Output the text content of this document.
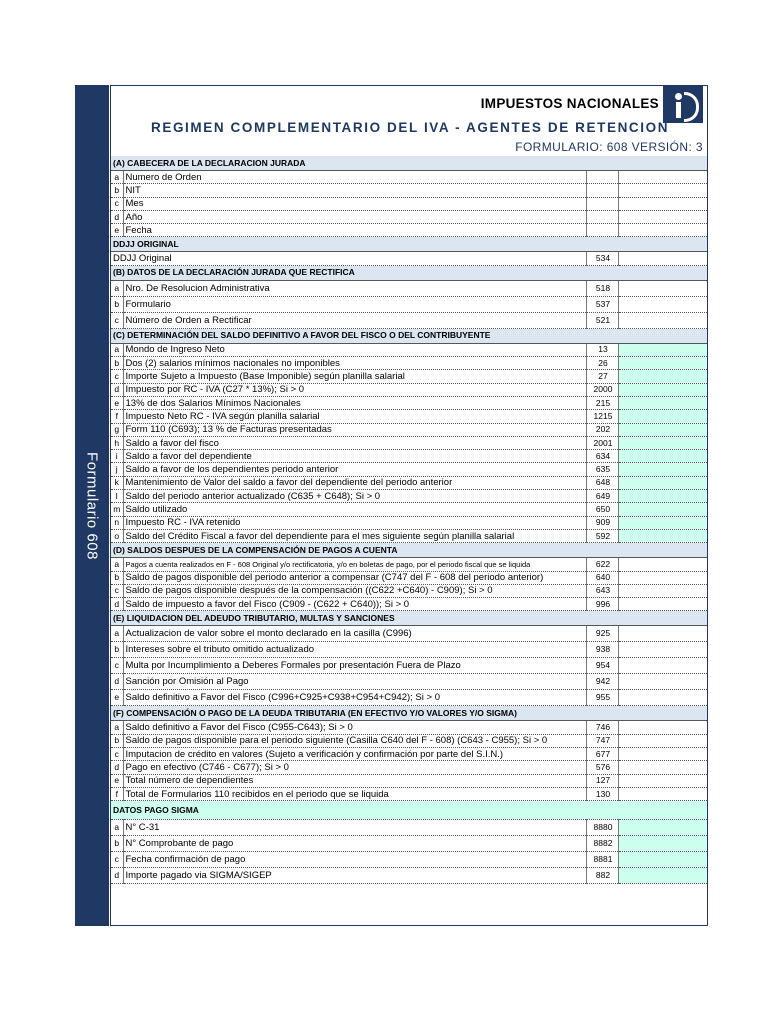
Formulario 608
IMPUESTOS NACIONALES
REGIMEN COMPLEMENTARIO DEL IVA - AGENTES DE RETENCION
FORMULARIO: 608 VERSIÓN: 3
(A) CABECERA DE LA DECLARACION JURADA			
a	Numero de Orden		
b	NIT		
c	Mes		
d	Año		
e	Fecha		
DDJJ ORIGINAL			
DDJJ Original		534	
(B) DATOS DE LA DECLARACIÓN JURADA QUE RECTIFICA			
a	Nro. De Resolucion Administrativa	518	
b	Formulario	537	
c	Número de Orden a Rectificar	521	
(C) DETERMINACIÓN DEL SALDO DEFINITIVO A FAVOR DEL FISCO O DEL CONTRIBUYENTE			
a	Mondo de Ingreso Neto	13	
b	Dos (2) salarios mínimos nacionales no imponibles	26	
c	Importe Sujeto a Impuesto (Base Imponible) según planilla salarial	27	
d	Impuesto por RC - IVA (C27 * 13%); Si > 0	2000	
e	13% de dos Salarios Mínimos Nacionales	215	
f	Impuesto Neto RC - IVA según planilla salarial	1215	
g	Form 110 (C693); 13 % de Facturas presentadas	202	
h	Saldo a favor del fisco	2001	
i	Saldo a favor del dependiente	634	
j	Saldo a favor de los dependientes periodo anterior	635	
k	Mantenimiento de Valor del saldo a favor del dependiente del periodo anterior	648	
l	Saldo del periodo anterior actualizado (C635 + C648); Si > 0	649	
m	Saldo utilizado	650	
n	Impuesto RC - IVA retenido	909	
o	Saldo del Crédito Fiscal a favor del dependiente para el mes siguiente según planilla salarial	592	
(D) SALDOS DESPUES DE LA COMPENSACIÓN DE PAGOS A CUENTA			
a	Pagos a cuenta realizados en F - 608 Original y/o rectificatoria, y/o en boletas de pago, por el periodo fiscal que se liquida	622	
b	Saldo de pagos disponible del periodo anterior a compensar (C747 del F - 608 del periodo anterior)	640	
c	Saldo de pagos disponible después de la compensación ((C622 +C640) - C909); Si > 0	643	
d	Saldo de impuesto a favor del Fisco (C909 - (C622 + C640)); Si > 0	996	
(E) LIQUIDACION DEL ADEUDO TRIBUTARIO, MULTAS Y SANCIONES			
a	Actualizacion de valor sobre el monto declarado en la casilla (C996)	925	
b	Intereses sobre el tributo omitido actualizado	938	
c	Multa por Incumplimiento a Deberes Formales por presentación Fuera de Plazo	954	
d	Sanción por Omisión al Pago	942	
e	Saldo definitivo a Favor del Fisco (C996+C925+C938+C954+C942); Si > 0	955	
(F) COMPENSACIÓN O PAGO DE LA DEUDA TRIBUTARIA (EN EFECTIVO Y/O VALORES Y/O SIGMA)			
a	Saldo definitivo a Favor del Fisco (C955-C643); Si > 0	746	
b	Saldo de pagos disponible para el periodo siguiente (Casilla C640 del F - 608) (C643 - C955); Si > 0	747	
c	Imputacion de crédito en valores (Sujeto a verificación y confirmación por parte del S.I.N.)	677	
d	Pago en efectivo (C746 - C677); Si > 0	576	
e	Total número de dependientes	127	
f	Total de Formularios 110 recibidos en el periodo que se liquida	130	
DATOS PAGO SIGMA			
a	N° C-31	8880	
b	N° Comprobante de pago	8882	
c	Fecha confirmación de pago	8881	
d	Importe pagado via SIGMA/SIGEP	882	
